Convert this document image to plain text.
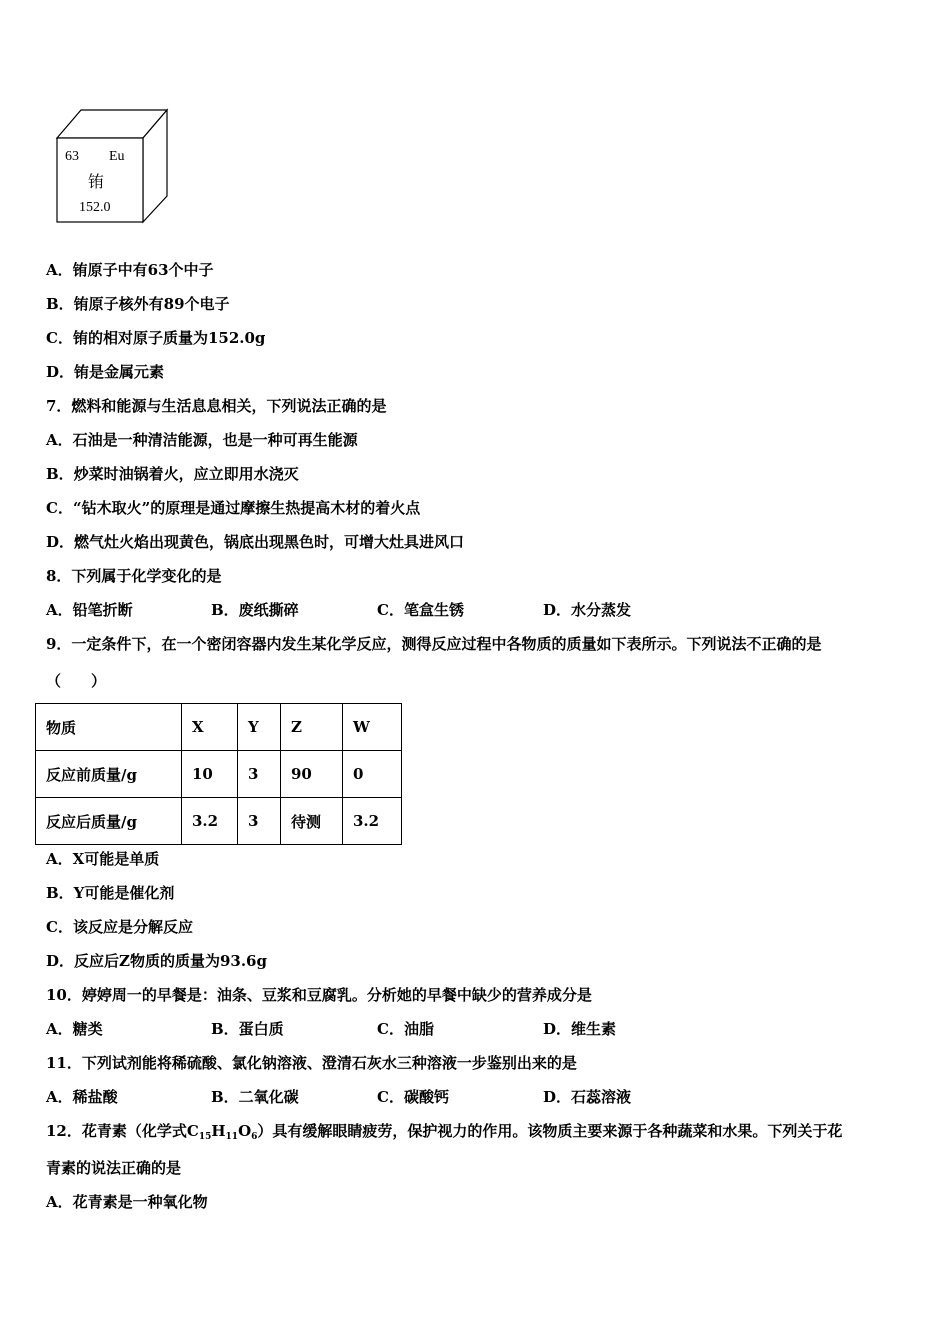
63 Eu
铕
152.0
A．铕原子中有63个中子
B．铕原子核外有89个电子
C．铕的相对原子质量为152.0g
D．铕是金属元素
7．燃料和能源与生活息息相关，下列说法正确的是
A．石油是一种清洁能源，也是一种可再生能源
B．炒菜时油锅着火，应立即用水浇灭
C．“钻木取火”的原理是通过摩擦生热提高木材的着火点
D．燃气灶火焰出现黄色，锅底出现黑色时，可增大灶具进风口
8．下列属于化学变化的是
A．铅笔折断	B．废纸撕碎	C．笔盒生锈	D．水分蒸发
9．一定条件下，在一个密闭容器内发生某化学反应，测得反应过程中各物质的质量如下表所示。下列说法不正确的是
（　　）
物质	X	Y	Z	W
反应前质量/g	10	3	90	0
反应后质量/g	3.2	3	待测	3.2
A．X可能是单质
B．Y可能是催化剂
C．该反应是分解反应
D．反应后Z物质的质量为93.6g
10．婷婷周一的早餐是：油条、豆浆和豆腐乳。分析她的早餐中缺少的营养成分是
A．糖类	B．蛋白质	C．油脂	D．维生素
11．下列试剂能将稀硫酸、氯化钠溶液、澄清石灰水三种溶液一步鉴别出来的是
A．稀盐酸	B．二氧化碳	C．碳酸钙	D．石蕊溶液
12．花青素（化学式$C_{15}H_{11}O_6$）具有缓解眼睛疲劳，保护视力的作用。该物质主要来源于各种蔬菜和水果。下列关于花
青素的说法正确的是
A．花青素是一种氧化物
